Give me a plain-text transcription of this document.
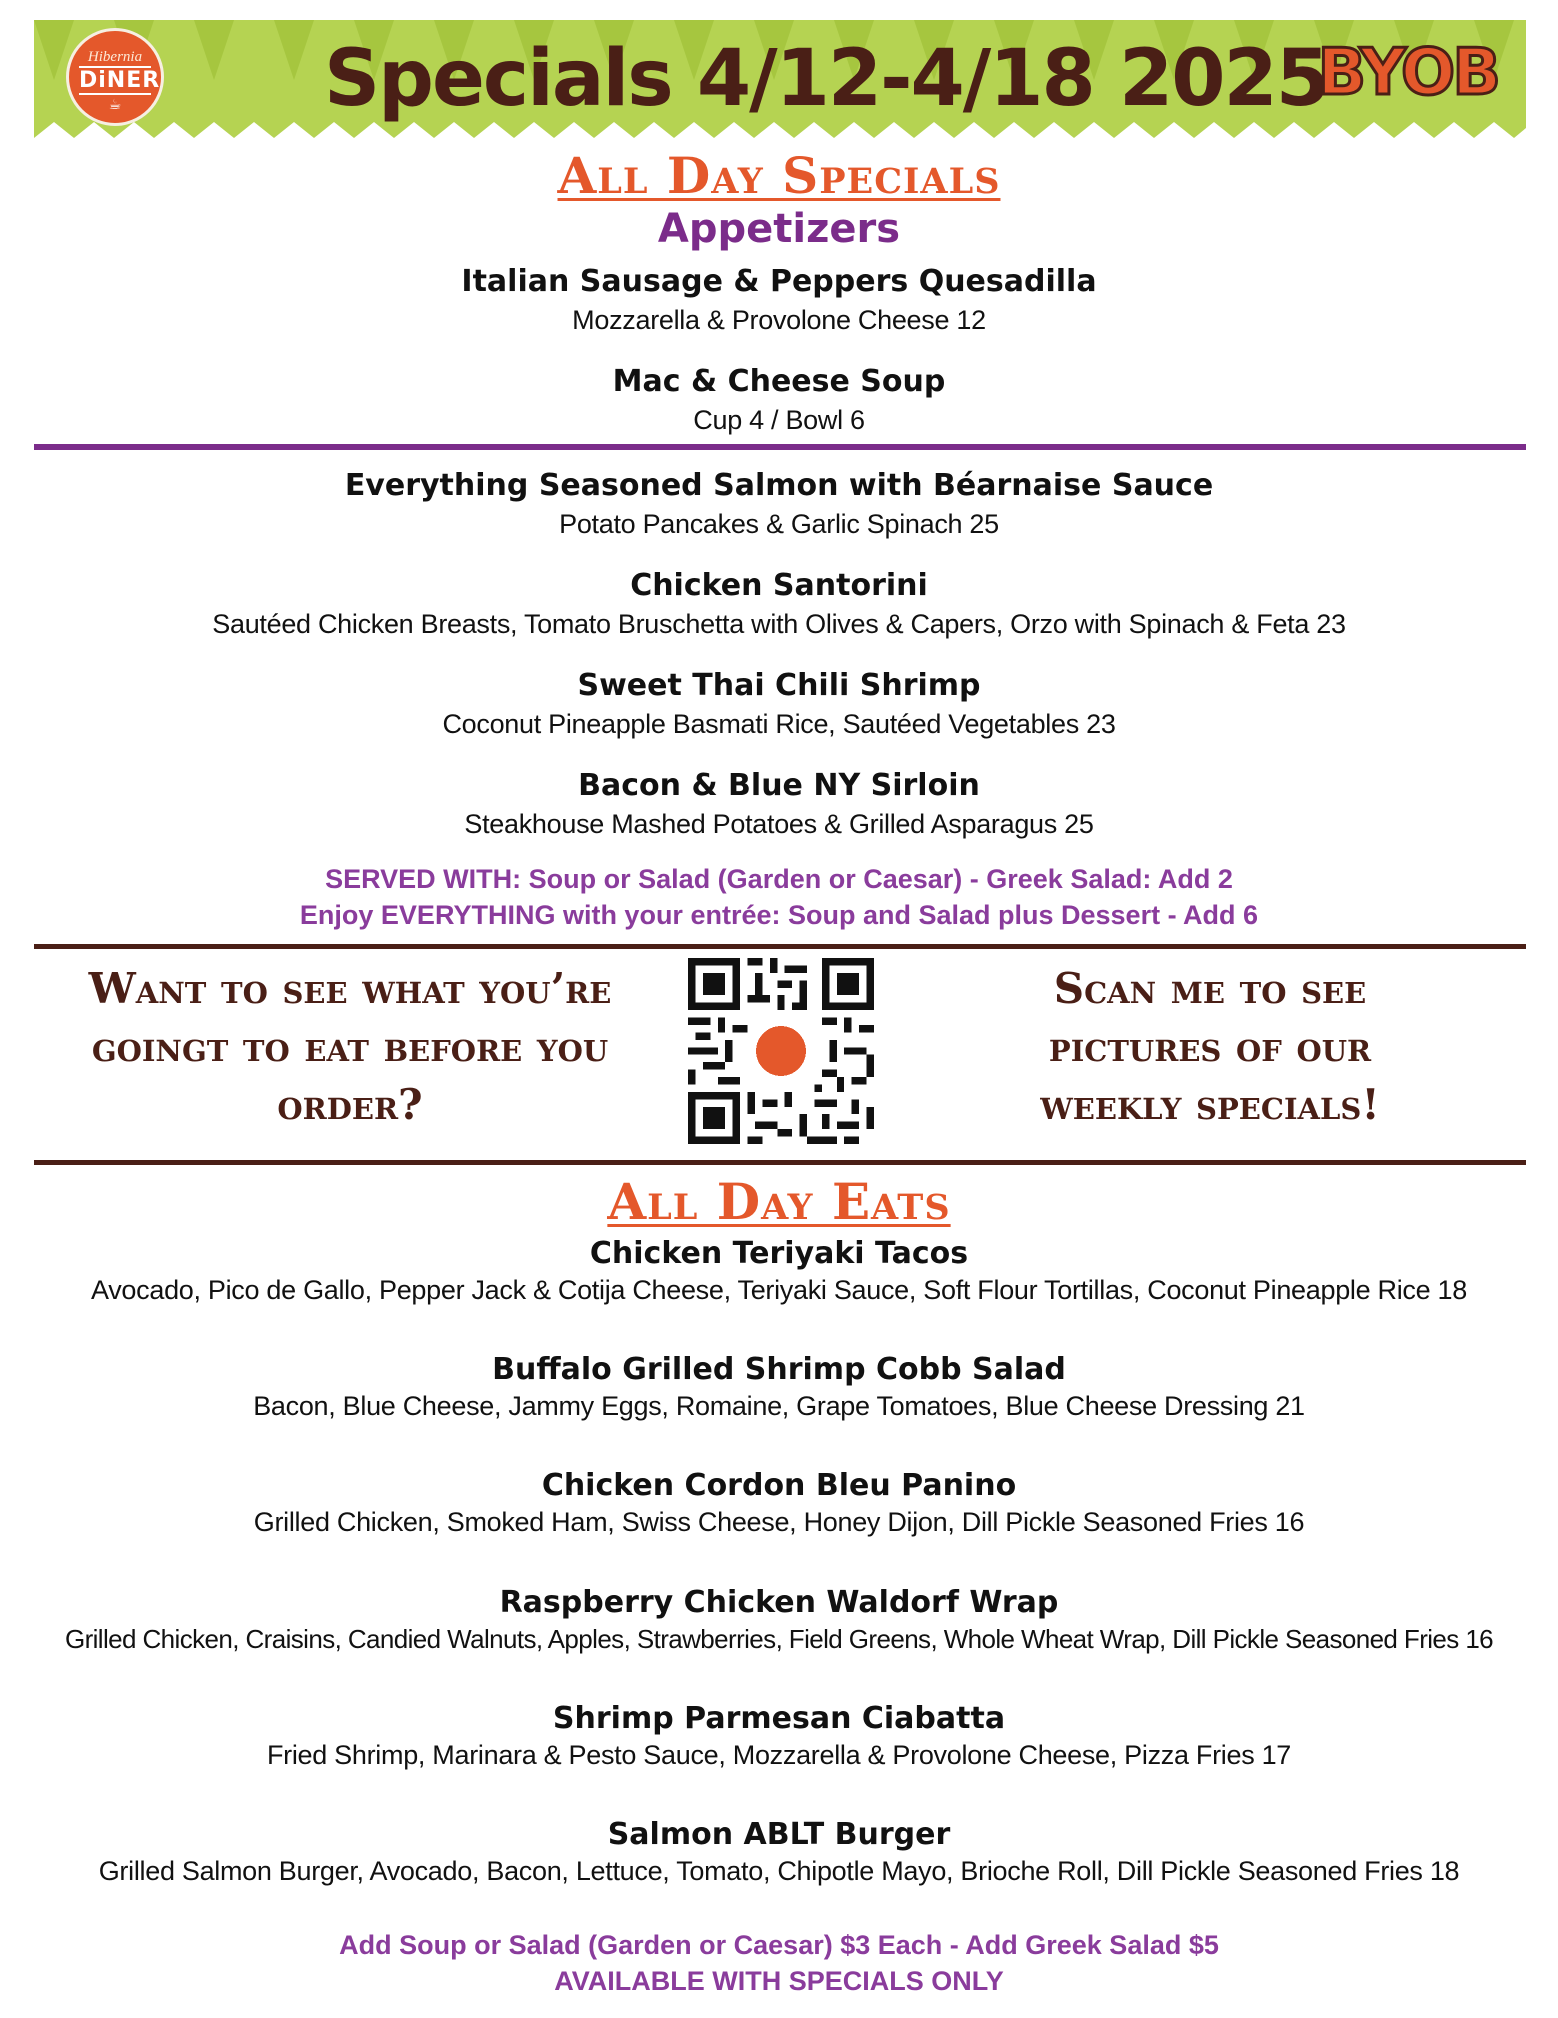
Hibernia
DiNER
☕	Specials 4/12-4/18 2025
BYOB
All Day Specials
Appetizers
Italian Sausage & Peppers Quesadilla
Mozzarella & Provolone Cheese 12
Mac & Cheese Soup
Cup 4 / Bowl 6
Everything Seasoned Salmon with Béarnaise Sauce
Potato Pancakes & Garlic Spinach 25
Chicken Santorini
Sautéed Chicken Breasts, Tomato Bruschetta with Olives & Capers, Orzo with Spinach & Feta 23
Sweet Thai Chili Shrimp
Coconut Pineapple Basmati Rice, Sautéed Vegetables 23
Bacon & Blue NY Sirloin
Steakhouse Mashed Potatoes & Grilled Asparagus 25
SERVED WITH: Soup or Salad (Garden or Caesar) - Greek Salad: Add 2
Enjoy EVERYTHING with your entrée: Soup and Salad plus Dessert - Add 6
Want to see what you’re
goingt to eat before you
order?
Scan me to see
pictures of our
weekly specials!
All Day Eats
Chicken Teriyaki Tacos
Avocado, Pico de Gallo, Pepper Jack & Cotija Cheese, Teriyaki Sauce, Soft Flour Tortillas, Coconut Pineapple Rice 18
Buffalo Grilled Shrimp Cobb Salad
Bacon, Blue Cheese, Jammy Eggs, Romaine, Grape Tomatoes, Blue Cheese Dressing 21
Chicken Cordon Bleu Panino
Grilled Chicken, Smoked Ham, Swiss Cheese, Honey Dijon, Dill Pickle Seasoned Fries 16
Raspberry Chicken Waldorf Wrap
Grilled Chicken, Craisins, Candied Walnuts, Apples, Strawberries, Field Greens, Whole Wheat Wrap, Dill Pickle Seasoned Fries 16
Shrimp Parmesan Ciabatta
Fried Shrimp, Marinara & Pesto Sauce, Mozzarella & Provolone Cheese, Pizza Fries 17
Salmon ABLT Burger
Grilled Salmon Burger, Avocado, Bacon, Lettuce, Tomato, Chipotle Mayo, Brioche Roll, Dill Pickle Seasoned Fries 18
Add Soup or Salad (Garden or Caesar) $3 Each - Add Greek Salad $5
AVAILABLE WITH SPECIALS ONLY
